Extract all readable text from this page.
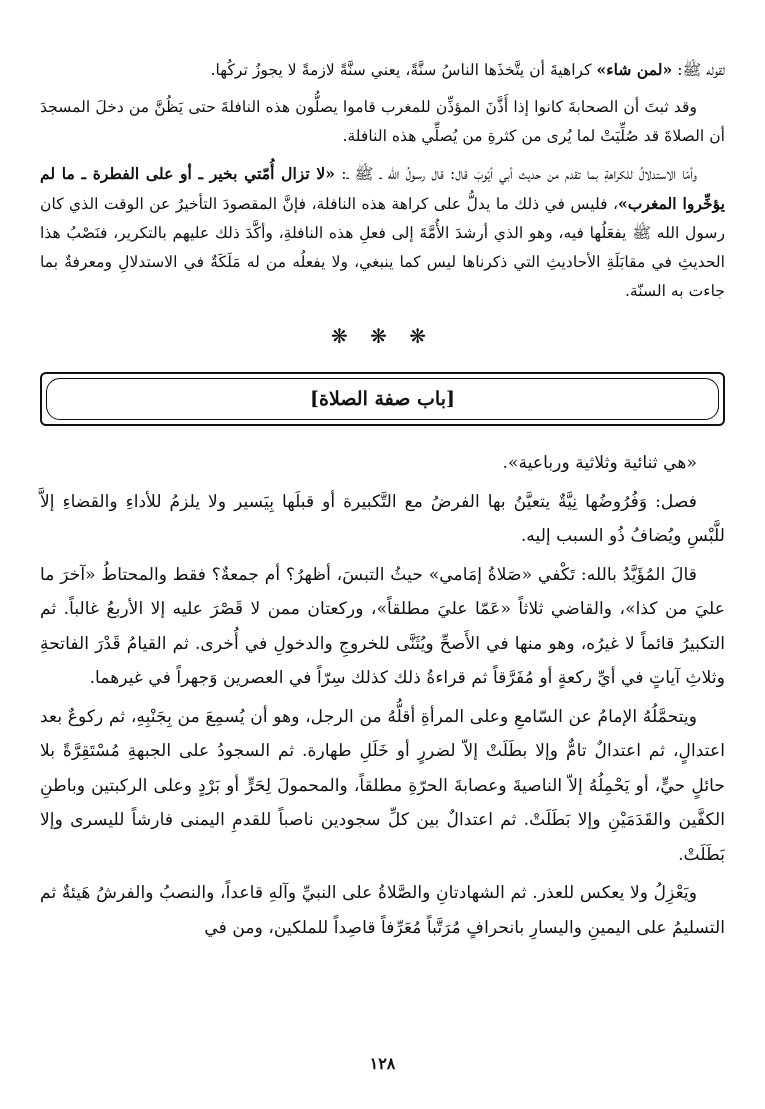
لقوله ﷺ: «لمن شاء» كراهيةَ أن يتَّخذَها الناسُ سنَّةً، يعني سنَّةً لازمةً لا يجوزُ تركُها.

وقد ثبتَ أن الصحابةَ كانوا إذا أَذَّنَ المؤذِّن للمغرب قاموا يصلُّون هذه النافلةَ حتى يَظُنَّ من دخلَ المسجدَ أن الصلاةَ قد صُلِّيَتْ لما يُرى من كثرةِ من يُصلِّي هذه النافلة.

وأمّا الاستدلالُ للكراهةِ بما تقدم من حديث أبي أيّوبَ قال: قال رسولُ الله ـ ﷺ ـ: «لا تزال أُمّتي بخير ـ أو على الفطرة ـ ما لم يؤخِّروا المغرب»، فليس في ذلك ما يدلُّ على كراهة هذه النافلة، فإنَّ المقصودَ التأخيرُ عن الوقت الذي كان رسول الله ﷺ يفعَلُها فيه، وهو الذي أرشدَ الأُمَّةَ إلى فعلِ هذه النافلةِ، وأكَّدَ ذلك عليهم بالتكرير، فنَصْبُ هذا الحديثِ في مقابَلَةِ الأحاديثِ التي ذكرناها ليس كما ينبغي، ولا يفعلُه من له مَلَكَةٌ في الاستدلالِ ومعرفةٌ بما جاءت به السنّة.

❋ ❋ ❋
[باب صفة الصلاة]

«هي ثنائية وثلاثية ورباعية».

فصل: وَفُرُوضُها نِيَّةٌ يتعيَّنُ بها الفرضُ مع التَّكبيرة أو قبلَها بِيَسير ولا يلزمُ للأداءِ والقضاءِ إلاَّ للَّبْسِ ويُضافُ ذُو السبب إليه.

قالَ المُؤَيَّدُ بالله: تَكْفي «صَلاةُ إمَامي» حيثُ التبسَ، أظهرُ؟ أم جمعةٌ؟ فقط والمحتاطُ «آخرَ ما عليَ من كذا»، والقاضي ثلاثاً «عَمّا عليَ مطلقاً»، وركعتان ممن لا قَصْرَ عليه إلا الأربعُ غالباً. ثم التكبيرُ قائماً لا غيرُه، وهو منها في الأَصحِّ ويُثَنَّى للخروجِ والدخولِ في أُخرى. ثم القيامُ قَدْرَ الفاتحةِ وثلاثِ آياتٍ في أيِّ ركعةٍ أو مُفَرَّقاً ثم قراءةُ ذلك كذلك سِرّاً في العصرين وَجهراً في غيرهما.

ويتحمَّلُهُ الإمامُ عن السّامعِ وعلى المرأةِ أقلُّهُ من الرجل، وهو أن يُسمِعَ من بِجَنْبِهِ، ثم ركوعٌ بعد اعتدالٍ، ثم اعتدالٌ تامٌّ وإلا بطَلَتْ إلاّ لضررٍ أو خَلَلِ طهارة. ثم السجودُ على الجبهةِ مُسْتَقِرَّةً بلا حائلٍ حيٍّ، أو يَحْمِلُهُ إلاّ الناصيةَ وعصابةَ الحرّةِ مطلقاً، والمحمولَ لِحَرٍّ أو بَرْدٍ وعلى الركبتين وباطنِ الكفَّين والقَدَمَيْنِ وإلا بَطَلَتْ. ثم اعتدالٌ بين كلِّ سجودين ناصباً للقدمِ اليمنى فارشاً لليسرى وإلا بَطَلَتْ.

ويَعْزِلُ ولا يعكس للعذر. ثم الشهادتانِ والصَّلاةُ على النبيِّ وآلهِ قاعداً، والنصبُ والفرشُ هَيئةٌ ثم التسليمُ على اليمينِ واليسارِ بانحرافٍ مُرَتَّباً مُعَرِّفاً قاصِداً للملكين، ومن في

١٢٨
